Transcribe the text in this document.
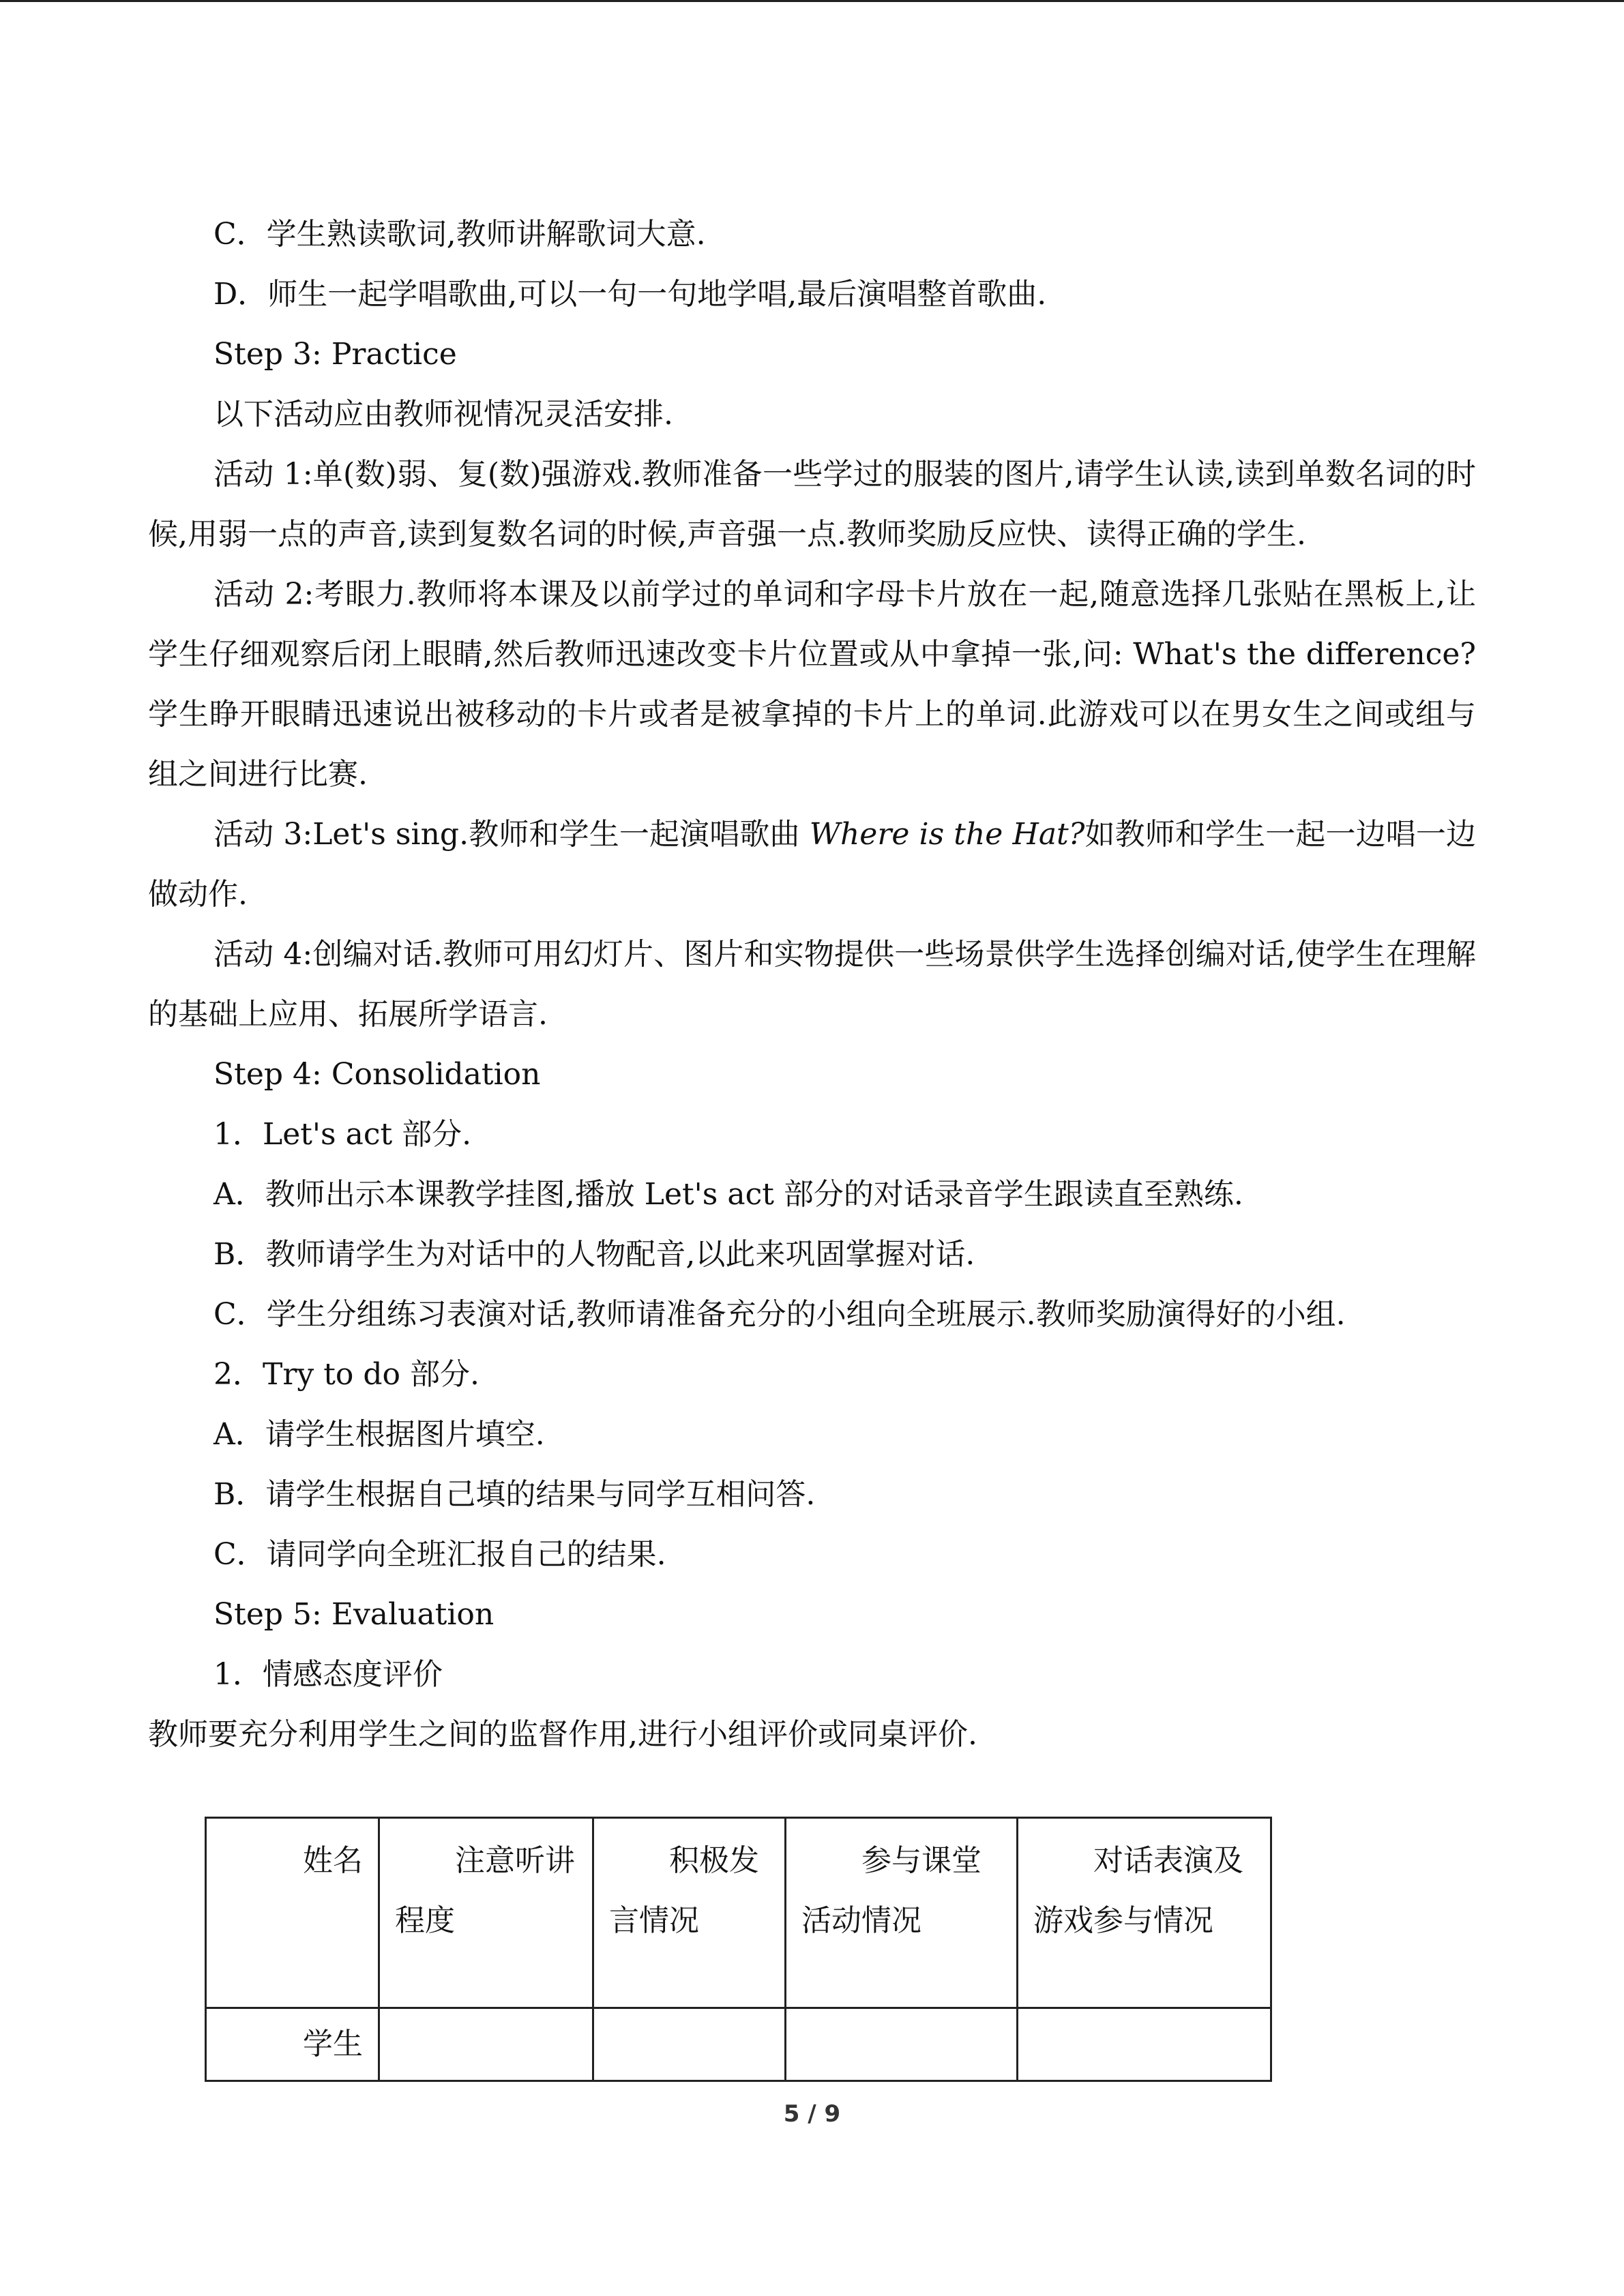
C．学生熟读歌词,教师讲解歌词大意.

D．师生一起学唱歌曲,可以一句一句地学唱,最后演唱整首歌曲.

Step 3: Practice

以下活动应由教师视情况灵活安排.

活动 1:单(数)弱、复(数)强游戏.教师准备一些学过的服装的图片,请学生认读,读到单数名词的时候,用弱一点的声音,读到复数名词的时候,声音强一点.教师奖励反应快、读得正确的学生.

活动 2:考眼力.教师将本课及以前学过的单词和字母卡片放在一起,随意选择几张贴在黑板上,让学生仔细观察后闭上眼睛,然后教师迅速改变卡片位置或从中拿掉一张,问: What's the difference? 学生睁开眼睛迅速说出被移动的卡片或者是被拿掉的卡片上的单词.此游戏可以在男女生之间或组与组之间进行比赛.

活动 3:Let's sing.教师和学生一起演唱歌曲 Where is the Hat?如教师和学生一起一边唱一边做动作.

活动 4:创编对话.教师可用幻灯片、图片和实物提供一些场景供学生选择创编对话,使学生在理解的基础上应用、拓展所学语言.

Step 4: Consolidation

1．Let's act 部分.

A．教师出示本课教学挂图,播放 Let's act 部分的对话录音学生跟读直至熟练.

B．教师请学生为对话中的人物配音,以此来巩固掌握对话.

C．学生分组练习表演对话,教师请准备充分的小组向全班展示.教师奖励演得好的小组.

2．Try to do 部分.

A．请学生根据图片填空.

B．请学生根据自己填的结果与同学互相问答.

C．请同学向全班汇报自己的结果.

Step 5: Evaluation

1．情感态度评价

教师要充分利用学生之间的监督作用,进行小组评价或同桌评价.

姓名	注意听讲程度	积极发言情况	参与课堂活动情况	对话表演及游戏参与情况

学生				
5 / 9
